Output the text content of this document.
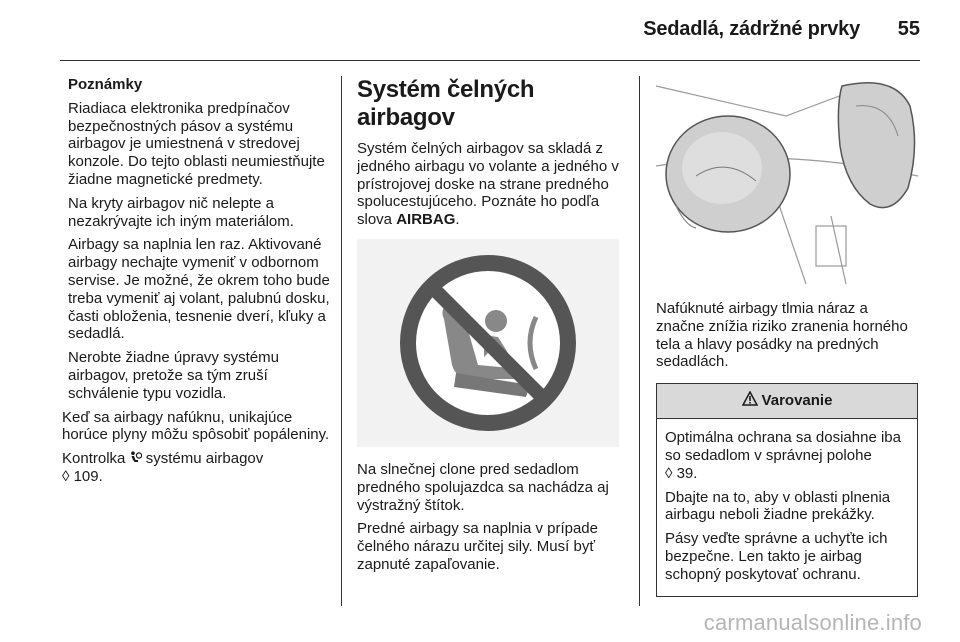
Sedadlá, zádržné prvky 55

Poznámky

Riadiaca elektronika predpínačov bezpečnostných pásov a systému airbagov je umiestnená v stredovej konzole. Do tejto oblasti neumiestňujte žiadne magnetické predmety.

Na kryty airbagov nič nelepte a nezakrývajte ich iným materiálom.

Airbagy sa naplnia len raz. Aktivované airbagy nechajte vymeniť v odbornom servise. Je možné, že okrem toho bude treba vymeniť aj volant, palubnú dosku, časti obloženia, tesnenie dverí, kľuky a sedadlá.

Nerobte žiadne úpravy systému airbagov, pretože sa tým zruší schválenie typu vozidla.

Keď sa airbagy nafúknu, unikajúce horúce plyny môžu spôsobiť popáleniny.

Kontrolka systému airbagov
◊ 109.

Systém čelných airbagov

Systém čelných airbagov sa skladá z jedného airbagu vo volante a jedného v prístrojovej doske na strane predného spolucestujúceho. Poznáte ho podľa slova AIRBAG.

Na slnečnej clone pred sedadlom predného spolujazdca sa nachádza aj výstražný štítok.

Predné airbagy sa naplnia v prípade čelného nárazu určitej sily. Musí byť zapnuté zapaľovanie.

Nafúknuté airbagy tlmia náraz a značne znížia riziko zranenia horného tela a hlavy posádky na predných sedadlách.

Varovanie

Optimálna ochrana sa dosiahne iba so sedadlom v správnej polohe
◊ 39.

Dbajte na to, aby v oblasti plnenia airbagu neboli žiadne prekážky.

Pásy veďte správne a uchyťte ich bezpečne. Len takto je airbag schopný poskytovať ochranu.

carmanualsonline.info
